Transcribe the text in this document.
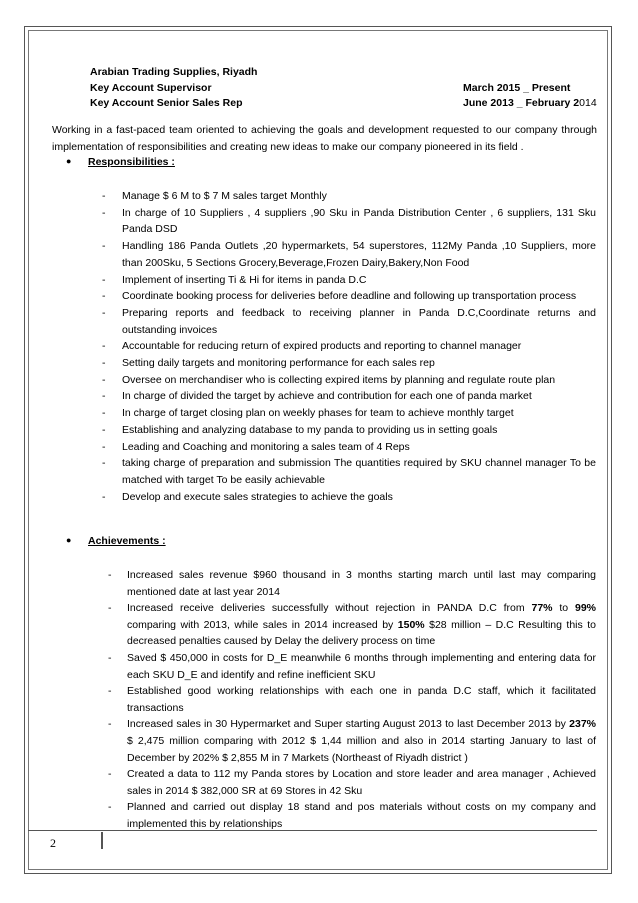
Arabian Trading Supplies, Riyadh
Key Account Supervisor	March 2015 _ Present
Key Account Senior Sales Rep	June 2013 _ February 2014
Working in a fast-paced team oriented to achieving the goals and development requested to our company through implementation of responsibilities and creating new ideas to make our company pioneered in its field .
● Responsibilities :
- Manage $ 6 M to $ 7 M sales target Monthly
- In charge of 10 Suppliers , 4 suppliers ,90 Sku in Panda Distribution Center , 6 suppliers, 131 Sku Panda DSD
- Handling 186 Panda Outlets ,20 hypermarkets, 54 superstores, 112My Panda ,10 Suppliers, more than 200Sku, 5 Sections Grocery,Beverage,Frozen Dairy,Bakery,Non Food
- Implement of inserting Ti & Hi for items in panda D.C
- Coordinate booking process for deliveries before deadline and following up transportation process
- Preparing reports and feedback to receiving planner in Panda D.C,Coordinate returns and outstanding invoices
- Accountable for reducing return of expired products and reporting to channel manager
- Setting daily targets and monitoring performance for each sales rep
- Oversee on merchandiser who is collecting expired items by planning and regulate route plan
- In charge of divided the target by achieve and contribution for each one of panda market
- In charge of target closing plan on weekly phases for team to achieve monthly target
- Establishing and analyzing database to my panda to providing us in setting goals
- Leading and Coaching and monitoring a sales team of 4 Reps
- taking charge of preparation and submission The quantities required by SKU channel manager To be matched with target To be easily achievable
- Develop and execute sales strategies to achieve the goals
● Achievements :
- Increased sales revenue $960 thousand in 3 months starting march until last may comparing mentioned date at last year 2014
- Increased receive deliveries successfully without rejection in PANDA D.C from 77% to 99% comparing with 2013, while sales in 2014 increased by 150% $28 million – D.C Resulting this to decreased penalties caused by Delay the delivery process on time
- Saved $ 450,000 in costs for D_E meanwhile 6 months through implementing and entering data for each SKU D_E and identify and refine inefficient SKU
- Established good working relationships with each one in panda D.C staff, which it facilitated transactions
- Increased sales in 30 Hypermarket and Super starting August 2013 to last December 2013 by 237% $ 2,475 million comparing with 2012 $ 1,44 million and also in 2014 starting January to last of December by 202% $ 2,855 M in 7 Markets (Northeast of Riyadh district )
- Created a data to 112 my Panda stores by Location and store leader and area manager , Achieved sales in 2014 $ 382,000 SR at 69 Stores in 42 Sku
- Planned and carried out display 18 stand and pos materials without costs on my company and implemented this by relationships
2
